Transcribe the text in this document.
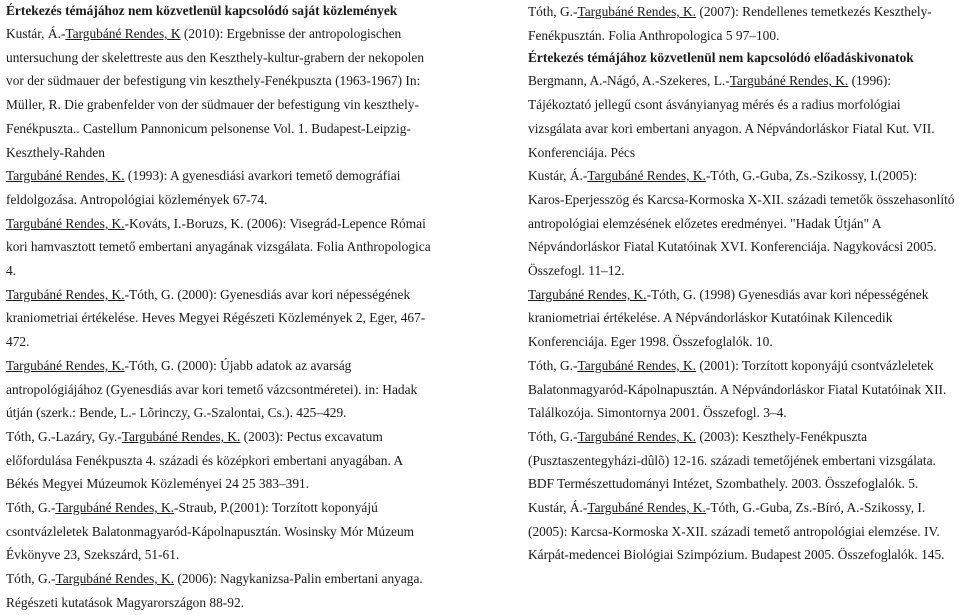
Értekezés témájához nem közvetlenül kapcsolódó saját közlemények
Kustár, Á.-Targubáné Rendes, K (2010): Ergebnisse der antropologischen untersuchung der skelettreste aus den Keszthely-kultur-grabern der nekopolen vor der südmauer der befestigung vin keszthely-Fenékpuszta (1963-1967) In: Müller, R. Die grabenfelder von der südmauer der befestigung vin keszthely-Fenékpuszta.. Castellum Pannonicum pelsonense Vol. 1. Budapest-Leipzig-Keszthely-Rahden
Targubáné Rendes, K. (1993): A gyenesdiási avarkori temető demográfiai feldolgozása. Antropológiai közlemények 67-74.
Targubáné Rendes, K.-Kováts, I.-Boruzs, K. (2006): Visegrád-Lepence Római kori hamvasztott temető embertani anyagának vizsgálata. Folia Anthropologica 4.
Targubáné Rendes, K.-Tóth, G. (2000): Gyenesdiás avar kori népességének kraniometriai értékelése. Heves Megyei Régészeti Közlemények 2, Eger, 467-472.
Targubáné Rendes, K.-Tóth, G. (2000): Újabb adatok az avarság antropológiájához (Gyenesdiás avar kori temető vázcsontméretei). in: Hadak útján (szerk.: Bende, L.- Lõrinczy, G.-Szalontai, Cs.). 425–429.
Tóth, G.-Lazáry, Gy.-Targubáné Rendes, K. (2003): Pectus excavatum előfordulása Fenékpuszta 4. századi és középkori embertani anyagában. A Békés Megyei Múzeumok Közleményei 24 25 383–391.
Tóth, G.-Targubáné Rendes, K.-Straub, P.(2001): Torzított koponyájú csontvázleletek Balatonmagyaród-Kápolnapusztán. Wosinsky Mór Múzeum Évkönyve 23, Szekszárd, 51-61.
Tóth, G.-Targubáné Rendes, K. (2006): Nagykanizsa-Palin embertani anyaga. Régészeti kutatások Magyarországon 88-92.
Tóth, G.-Targubáné Rendes, K. (2007): Rendellenes temetkezés Keszthely-Fenékpusztán. Folia Anthropologica 5 97–100.
Értekezés témájához közvetlenül nem kapcsolódó előadáskivonatok
Bergmann, A.-Nágó, A.-Szekeres, L.-Targubáné Rendes, K. (1996): Tájékoztató jellegű csont ásványianyag mérés és a radius morfológiai vizsgálata avar kori embertani anyagon. A Népvándorláskor Fiatal Kut. VII. Konferenciája. Pécs
Kustár, Á.-Targubáné Rendes, K.-Tóth, G.-Guba, Zs.-Szikossy, I.(2005): Karos-Eperjesszög és Karcsa-Kormoska X-XII. századi temetők összehasonlító antropológiai elemzésének előzetes eredményei. "Hadak Útján" A Népvándorláskor Fiatal Kutatóinak XVI. Konferenciája. Nagykovácsi 2005. Összefogl. 11–12.
Targubáné Rendes, K.-Tóth, G. (1998) Gyenesdiás avar kori népességének kraniometriai értékelése. A Népvándorláskor Kutatóinak Kilencedik Konferenciája. Eger 1998. Összefoglalók. 10.
Tóth, G.-Targubáné Rendes, K. (2001): Torzított koponyájú csontvázleletek Balatonmagyaród-Kápolnapusztán. A Népvándorláskor Fiatal Kutatóinak XII. Találkozója. Simontornya 2001. Összefogl. 3–4.
Tóth, G.-Targubáné Rendes, K. (2003): Keszthely-Fenékpuszta (Pusztaszentegyházi-dûlõ) 12-16. századi temetőjének embertani vizsgálata. BDF Természettudományi Intézet, Szombathely. 2003. Összefoglalók. 5.
Kustár, Á.-Targubáné Rendes, K.-Tóth, G.-Guba, Zs.-Bíró, A.-Szikossy, I.(2005): Karcsa-Kormoska X-XII. századi temető antropológiai elemzése. IV. Kárpát-medencei Biológiai Szimpózium. Budapest 2005. Összefoglalók. 145.
